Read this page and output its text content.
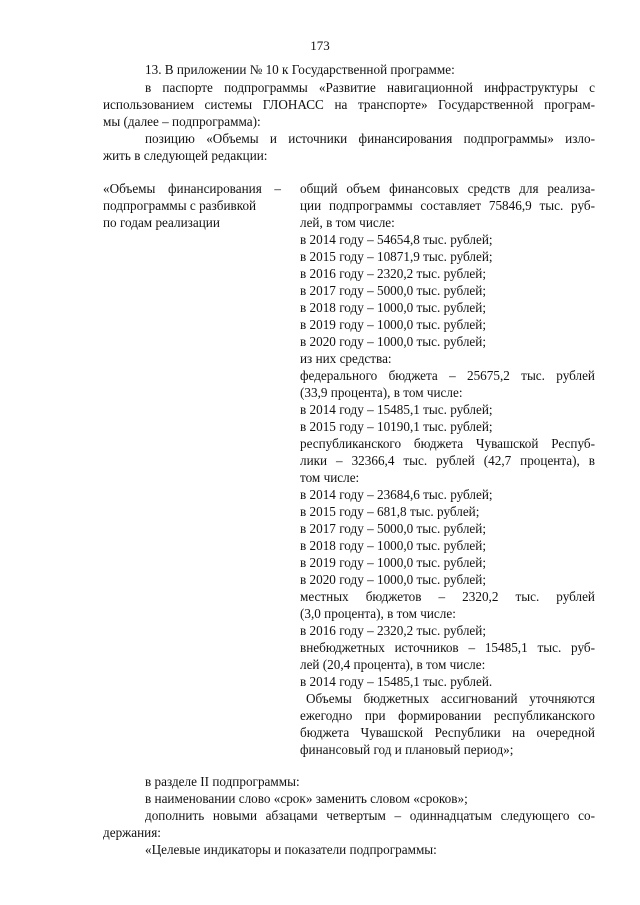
173
13. В приложении № 10 к Государственной программе:
в паспорте подпрограммы «Развитие навигационной инфраструктуры с
использованием системы ГЛОНАСС на транспорте» Государственной програм-
мы (далее – подпрограмма):
позицию «Объемы и источники финансирования подпрограммы» изло-
жить в следующей редакции:
«Объемы финансирования –
подпрограммы с разбивкой
по годам реализации
общий объем финансовых средств для реализа-
ции подпрограммы составляет 75846,9 тыс. руб-
лей, в том числе:
в 2014 году – 54654,8 тыс. рублей;
в 2015 году – 10871,9 тыс. рублей;
в 2016 году – 2320,2 тыс. рублей;
в 2017 году – 5000,0 тыс. рублей;
в 2018 году – 1000,0 тыс. рублей;
в 2019 году – 1000,0 тыс. рублей;
в 2020 году – 1000,0 тыс. рублей;
из них средства:
федерального бюджета – 25675,2 тыс. рублей
(33,9 процента), в том числе:
в 2014 году – 15485,1 тыс. рублей;
в 2015 году – 10190,1 тыс. рублей;
республиканского бюджета Чувашской Респуб-
лики – 32366,4 тыс. рублей (42,7 процента), в
том числе:
в 2014 году – 23684,6 тыс. рублей;
в 2015 году – 681,8 тыс. рублей;
в 2017 году – 5000,0 тыс. рублей;
в 2018 году – 1000,0 тыс. рублей;
в 2019 году – 1000,0 тыс. рублей;
в 2020 году – 1000,0 тыс. рублей;
местных бюджетов – 2320,2 тыс. рублей
(3,0 процента), в том числе:
в 2016 году – 2320,2 тыс. рублей;
внебюджетных источников – 15485,1 тыс. руб-
лей (20,4 процента), в том числе:
в 2014 году – 15485,1 тыс. рублей.
Объемы бюджетных ассигнований уточняются
ежегодно при формировании республиканского
бюджета Чувашской Республики на очередной
финансовый год и плановый период»;
в разделе II подпрограммы:
в наименовании слово «срок» заменить словом «сроков»;
дополнить новыми абзацами четвертым – одиннадцатым следующего со-
держания:
«Целевые индикаторы и показатели подпрограммы:
